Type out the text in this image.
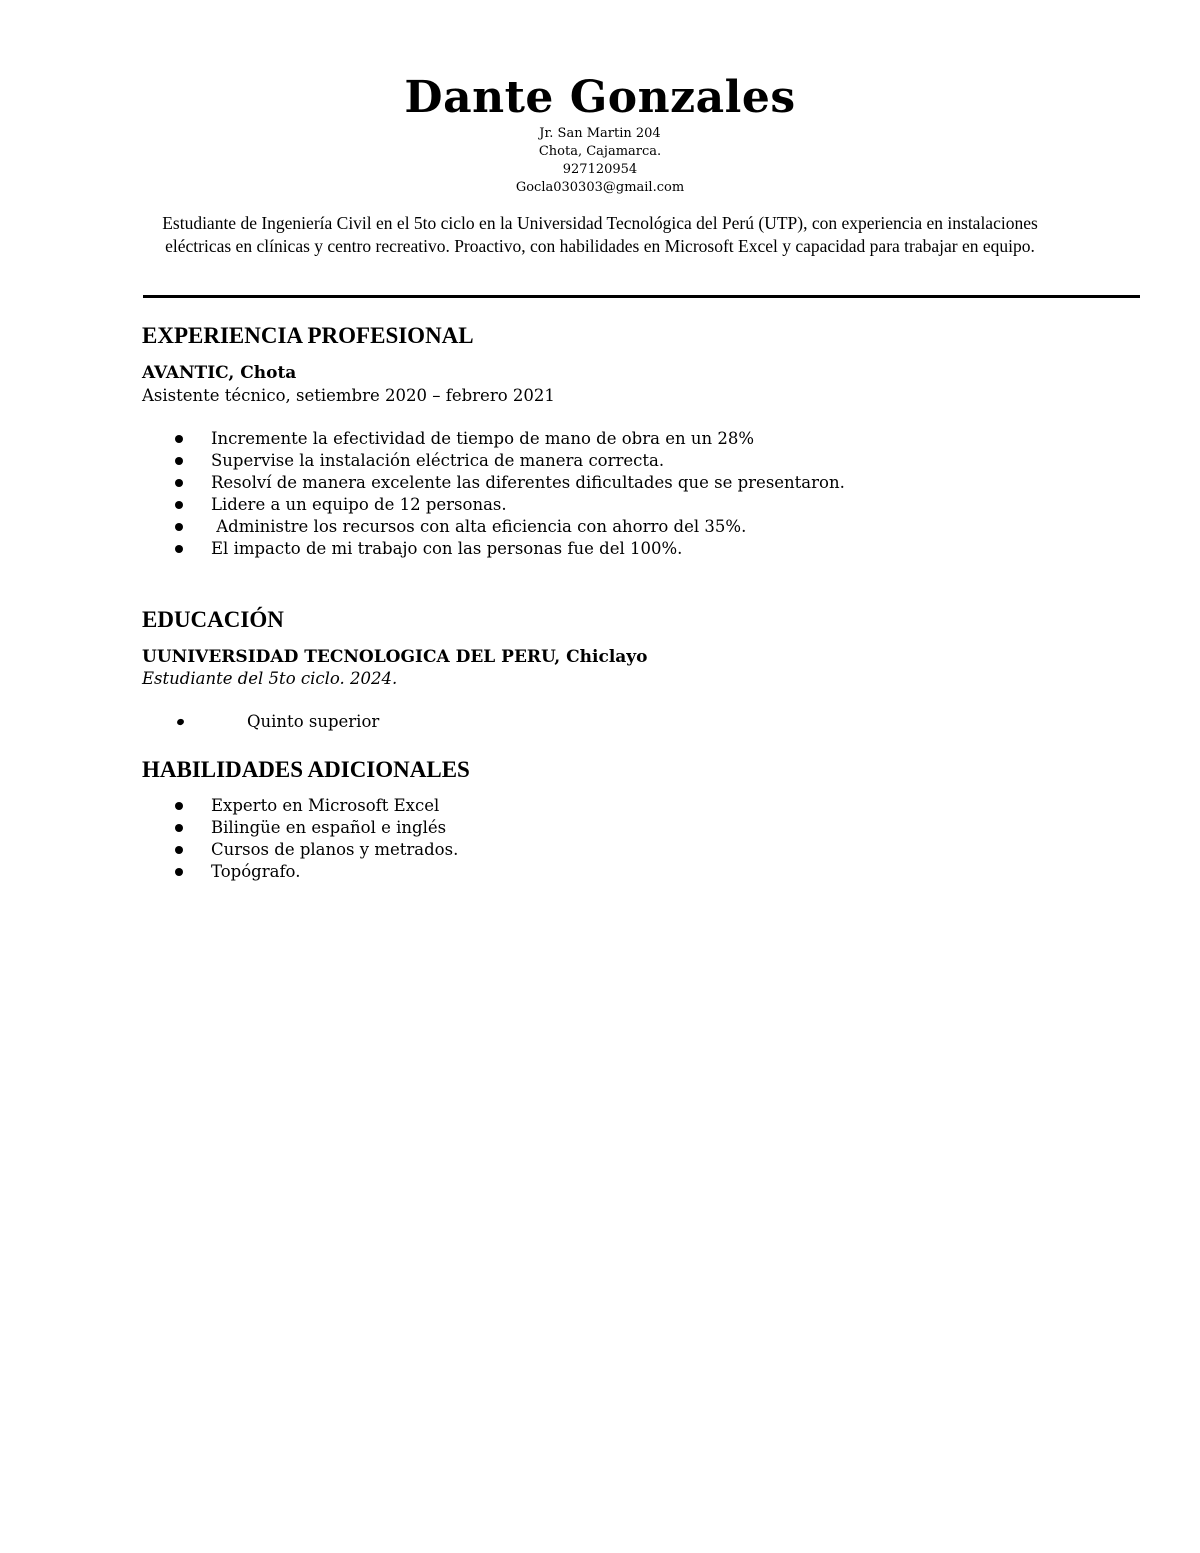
Dante Gonzales
Jr. San Martin 204
Chota, Cajamarca.
927120954
Gocla030303@gmail.com
Estudiante de Ingeniería Civil en el 5to ciclo en la Universidad Tecnológica del Perú (UTP), con experiencia en instalaciones eléctricas en clínicas y centro recreativo. Proactivo, con habilidades en Microsoft Excel y capacidad para trabajar en equipo.
EXPERIENCIA PROFESIONAL
AVANTIC, Chota
Asistente técnico, setiembre 2020 – febrero 2021
Incremente la efectividad de tiempo de mano de obra en un 28%
Supervise la instalación eléctrica de manera correcta.
Resolví de manera excelente las diferentes dificultades que se presentaron.
Lidere a un equipo de 12 personas.
Administre los recursos con alta eficiencia con ahorro del 35%.
El impacto de mi trabajo con las personas fue del 100%.
EDUCACIÓN
UUNIVERSIDAD TECNOLOGICA DEL PERU, Chiclayo
Estudiante del 5to ciclo. 2024.
Quinto superior
HABILIDADES ADICIONALES
Experto en Microsoft Excel
Bilingüe en español e inglés
Cursos de planos y metrados.
Topógrafo.
